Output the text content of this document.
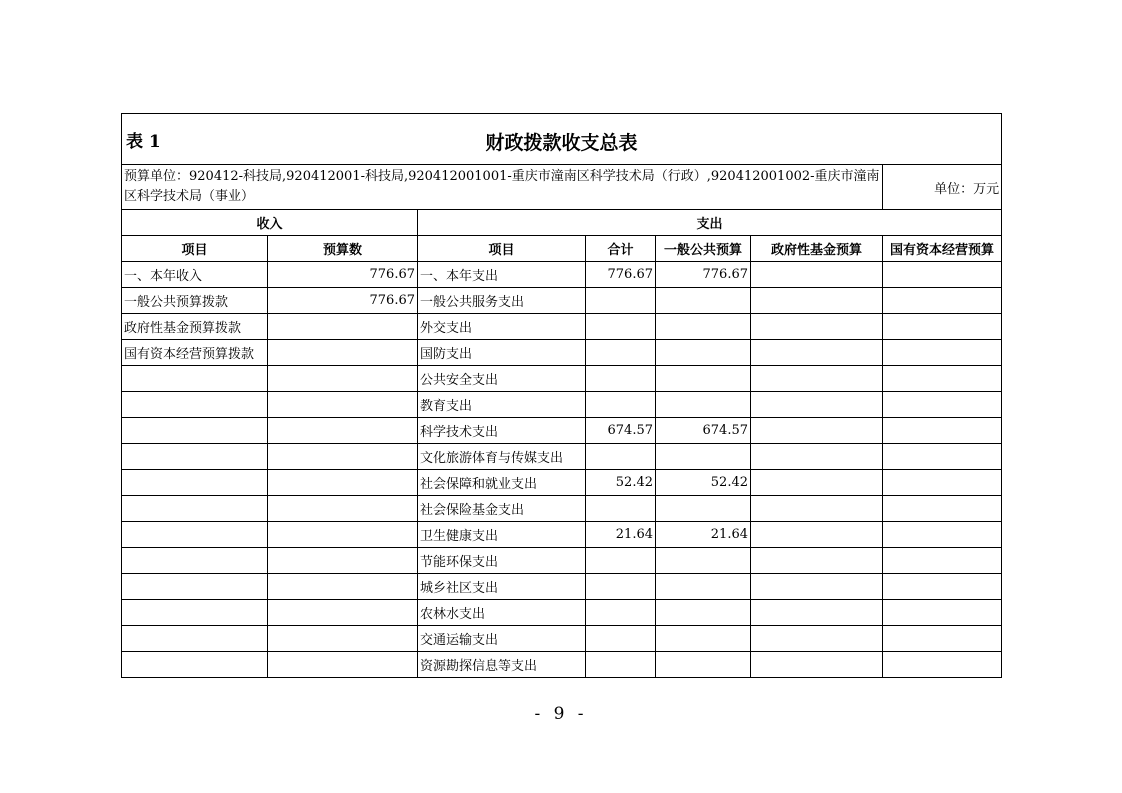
表 1 财政拨款收支总表						

预算单位：920412-科技局,920412001-科技局,920412001001-重庆市潼南区科学技术局（行政）,920412001002-重庆市潼南区科学技术局（事业）						单位：万元
收入		支出				
项目	预算数	项目	合计	一般公共预算	政府性基金预算	国有资本经营预算
一、本年收入	776.67	一、本年支出	776.67	776.67		
一般公共预算拨款	776.67	一般公共服务支出				
政府性基金预算拨款		外交支出				
国有资本经营预算拨款		国防支出				
		公共安全支出				
		教育支出				
		科学技术支出	674.57	674.57		
		文化旅游体育与传媒支出				
		社会保障和就业支出	52.42	52.42		
		社会保险基金支出				
		卫生健康支出	21.64	21.64		
		节能环保支出				
		城乡社区支出				
		农林水支出				
		交通运输支出				
		资源勘探信息等支出				
- 9 -
